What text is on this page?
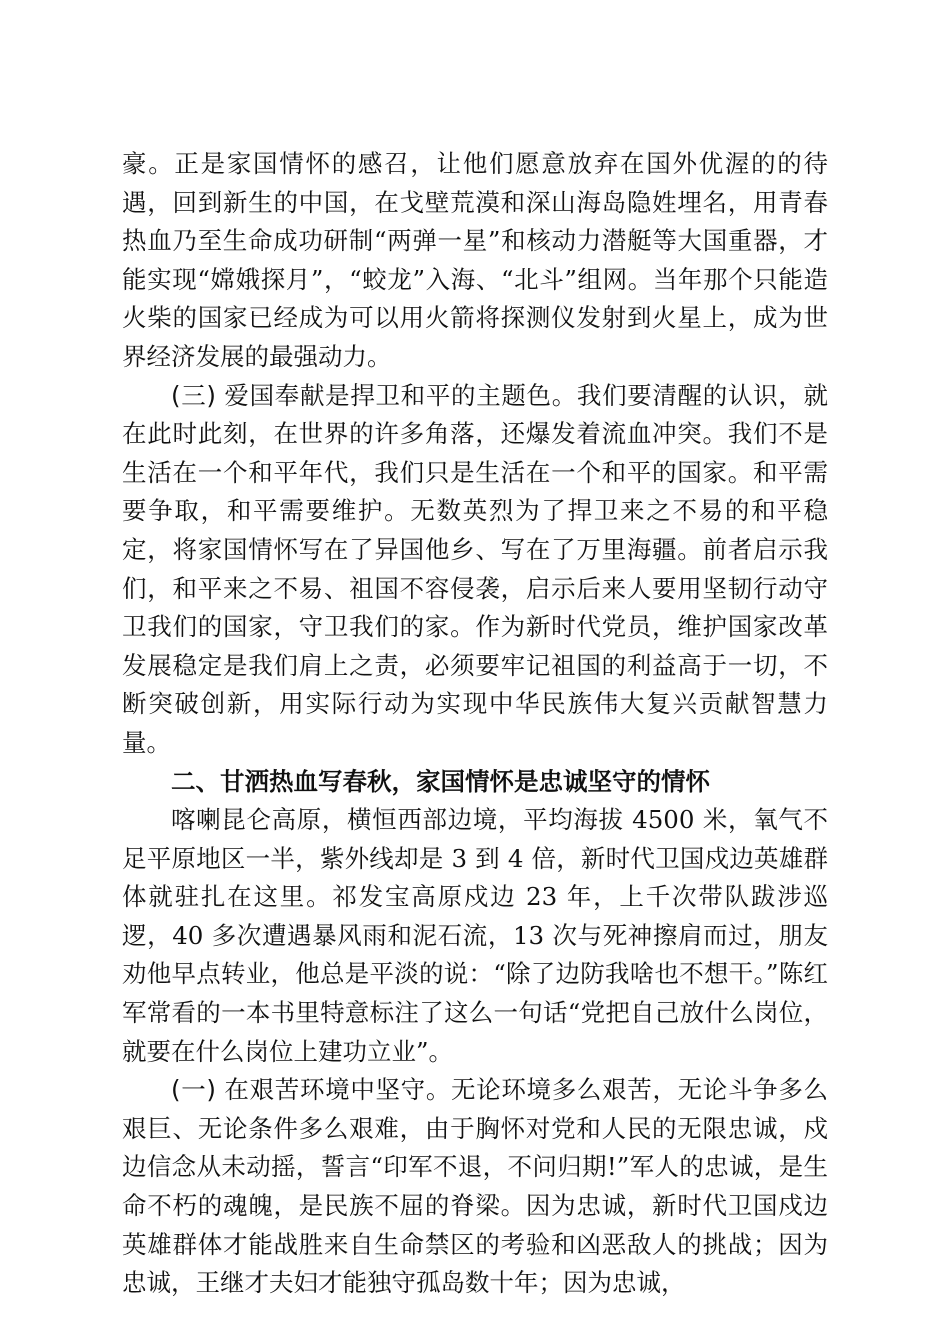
豪。正是家国情怀的感召，让他们愿意放弃在国外优渥的的待遇，回到新生的中国，在戈壁荒漠和深山海岛隐姓埋名，用青春热血乃至生命成功研制“两弹一星”和核动力潜艇等大国重器，才能实现“嫦娥探月”，“蛟龙”入海、“北斗”组网。当年那个只能造火柴的国家已经成为可以用火箭将探测仪发射到火星上，成为世界经济发展的最强动力。

(三) 爱国奉献是捍卫和平的主题色。我们要清醒的认识，就在此时此刻，在世界的许多角落，还爆发着流血冲突。我们不是生活在一个和平年代，我们只是生活在一个和平的国家。和平需要争取，和平需要维护。无数英烈为了捍卫来之不易的和平稳定，将家国情怀写在了异国他乡、写在了万里海疆。前者启示我们，和平来之不易、祖国不容侵袭，启示后来人要用坚韧行动守卫我们的国家，守卫我们的家。作为新时代党员，维护国家改革发展稳定是我们肩上之责，必须要牢记祖国的利益高于一切，不断突破创新，用实际行动为实现中华民族伟大复兴贡献智慧力量。

二、甘洒热血写春秋，家国情怀是忠诚坚守的情怀

喀喇昆仑高原，横恒西部边境，平均海拔 4500 米，氧气不足平原地区一半，紫外线却是 3 到 4 倍，新时代卫国戍边英雄群体就驻扎在这里。祁发宝高原戍边 23 年，上千次带队跋涉巡逻，40 多次遭遇暴风雨和泥石流，13 次与死神擦肩而过，朋友劝他早点转业，他总是平淡的说：“除了边防我啥也不想干。”陈红军常看的一本书里特意标注了这么一句话“党把自己放什么岗位，就要在什么岗位上建功立业”。

(一) 在艰苦环境中坚守。无论环境多么艰苦，无论斗争多么艰巨、无论条件多么艰难，由于胸怀对党和人民的无限忠诚，戍边信念从未动摇，誓言“印军不退，不问归期!”军人的忠诚，是生命不朽的魂魄，是民族不屈的脊梁。因为忠诚，新时代卫国戍边英雄群体才能战胜来自生命禁区的考验和凶恶敌人的挑战；因为忠诚，王继才夫妇才能独守孤岛数十年；因为忠诚，
